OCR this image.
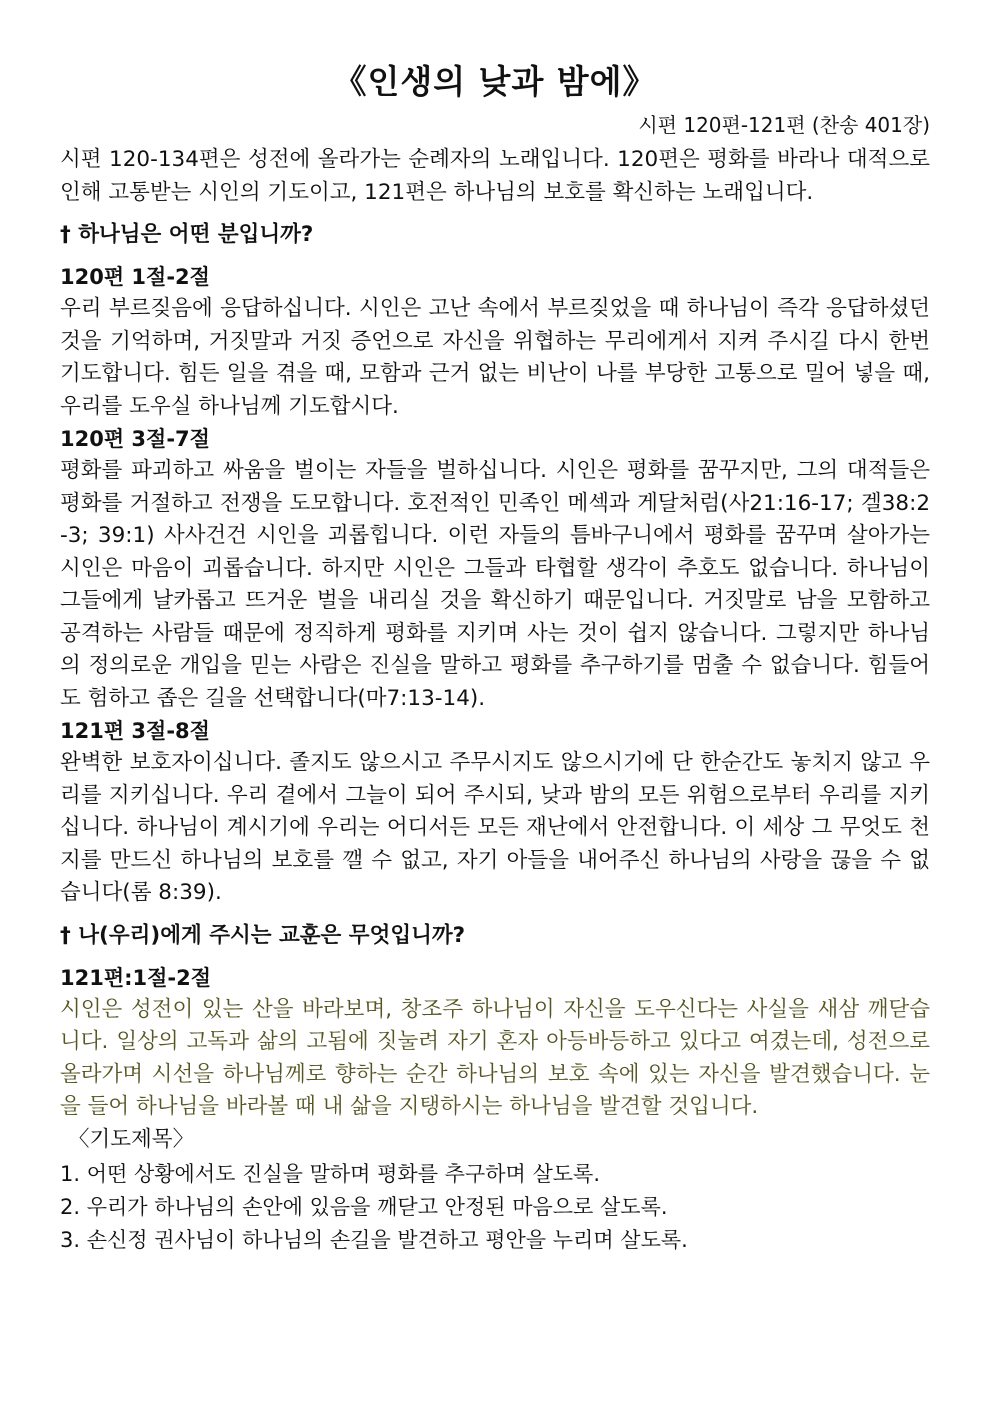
《인생의 낮과 밤에》
시편 120편-121편 (찬송 401장)

시편 120-134편은 성전에 올라가는 순례자의 노래입니다. 120편은 평화를 바라나 대적으로 인해 고통받는 시인의 기도이고, 121편은 하나님의 보호를 확신하는 노래입니다.

† 하나님은 어떤 분입니까?
120편 1절-2절

우리 부르짖음에 응답하십니다. 시인은 고난 속에서 부르짖었을 때 하나님이 즉각 응답하셨던 것을 기억하며, 거짓말과 거짓 증언으로 자신을 위협하는 무리에게서 지켜 주시길 다시 한번 기도합니다. 힘든 일을 겪을 때, 모함과 근거 없는 비난이 나를 부당한 고통으로 밀어 넣을 때, 우리를 도우실 하나님께 기도합시다.

120편 3절-7절

평화를 파괴하고 싸움을 벌이는 자들을 벌하십니다. 시인은 평화를 꿈꾸지만, 그의 대적들은 평화를 거절하고 전쟁을 도모합니다. 호전적인 민족인 메섹과 게달처럼(사21:16-17; 겔38:2-3; 39:1) 사사건건 시인을 괴롭힙니다. 이런 자들의 틈바구니에서 평화를 꿈꾸며 살아가는 시인은 마음이 괴롭습니다. 하지만 시인은 그들과 타협할 생각이 추호도 없습니다. 하나님이 그들에게 날카롭고 뜨거운 벌을 내리실 것을 확신하기 때문입니다. 거짓말로 남을 모함하고 공격하는 사람들 때문에 정직하게 평화를 지키며 사는 것이 쉽지 않습니다. 그렇지만 하나님의 정의로운 개입을 믿는 사람은 진실을 말하고 평화를 추구하기를 멈출 수 없습니다. 힘들어도 험하고 좁은 길을 선택합니다(마7:13-14).

121편 3절-8절

완벽한 보호자이십니다. 졸지도 않으시고 주무시지도 않으시기에 단 한순간도 놓치지 않고 우리를 지키십니다. 우리 곁에서 그늘이 되어 주시되, 낮과 밤의 모든 위험으로부터 우리를 지키십니다. 하나님이 계시기에 우리는 어디서든 모든 재난에서 안전합니다. 이 세상 그 무엇도 천지를 만드신 하나님의 보호를 깰 수 없고, 자기 아들을 내어주신 하나님의 사랑을 끊을 수 없습니다(롬 8:39).

† 나(우리)에게 주시는 교훈은 무엇입니까?
121편:1절-2절

시인은 성전이 있는 산을 바라보며, 창조주 하나님이 자신을 도우신다는 사실을 새삼 깨닫습니다. 일상의 고독과 삶의 고됨에 짓눌려 자기 혼자 아등바등하고 있다고 여겼는데, 성전으로 올라가며 시선을 하나님께로 향하는 순간 하나님의 보호 속에 있는 자신을 발견했습니다. 눈을 들어 하나님을 바라볼 때 내 삶을 지탱하시는 하나님을 발견할 것입니다.

〈기도제목〉
1. 어떤 상황에서도 진실을 말하며 평화를 추구하며 살도록.
2. 우리가 하나님의 손안에 있음을 깨닫고 안정된 마음으로 살도록.
3. 손신정 권사님이 하나님의 손길을 발견하고 평안을 누리며 살도록.
